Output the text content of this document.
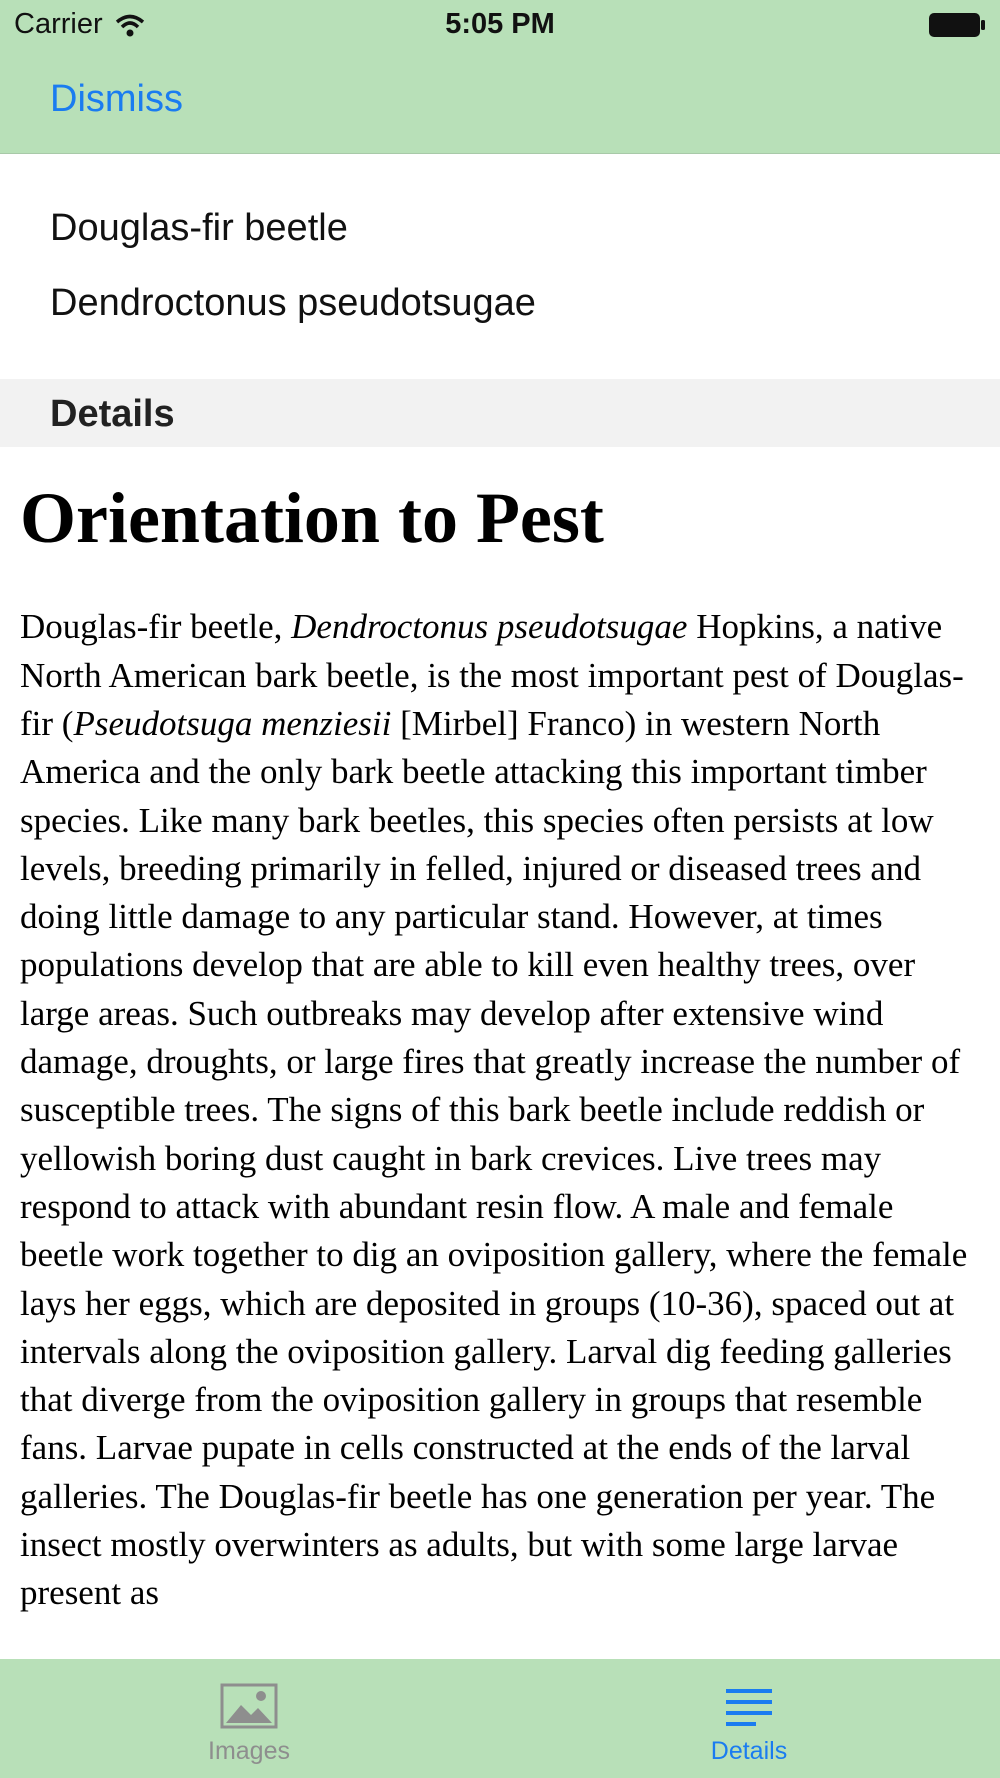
Carrier	5:05 PM
Dismiss
Douglas-fir beetle
Dendroctonus pseudotsugae
Details
Orientation to Pest

Douglas-fir beetle, Dendroctonus pseudotsugae Hopkins, a native North American bark beetle, is the most important pest of Douglas-fir (Pseudotsuga menziesii [Mirbel] Franco) in western North America and the only bark beetle attacking this important timber species. Like many bark beetles, this species often persists at low levels, breeding primarily in felled, injured or diseased trees and doing little damage to any particular stand. However, at times populations develop that are able to kill even healthy trees, over large areas. Such outbreaks may develop after extensive wind damage, droughts, or large fires that greatly increase the number of susceptible trees. The signs of this bark beetle include reddish or yellowish boring dust caught in bark crevices. Live trees may respond to attack with abundant resin flow. A male and female beetle work together to dig an oviposition gallery, where the female lays her eggs, which are deposited in groups (10-36), spaced out at intervals along the oviposition gallery. Larval dig feeding galleries that diverge from the oviposition gallery in groups that resemble fans. Larvae pupate in cells constructed at the ends of the larval galleries. The Douglas-fir beetle has one generation per year. The insect mostly overwinters as adults, but with some large larvae present as

Images	Details
